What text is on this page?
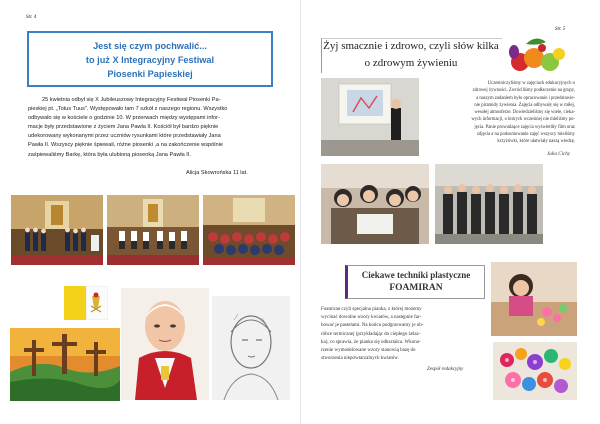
Str. 4
Jest się czym pochwalić...
to już X Integracyjny Festiwal
Piosenki Papieskiej
25 kwietnia odbył się X Jubileuszowy Integracyjny Festiwal Piosenki Pa-
pieskiej pt. „Totus Tuus". Występowało tam 7 szkół z naszego regionu. Wszystko
odbywało się w kościele o godzinie 10. W przerwach między występami infor-
macje były przedstawione z życiem Jana Pawła II. Kościół był bardzo pięknie
udekorowany wykonanymi przez uczniów rysunkami które przedstawiały Jana
Pawła II. Wszyscy pięknie śpiewali, różne piosenki ,a na zakończenie wspólnie
zaśpiewaliśmy Barkę, która była ulubioną piosenką Jana Pawła II.
Alicja Skowrońska 11 lat.
Żyj smacznie i zdrowo, czyli słów kilka
o zdrowym żywieniu
Str. 5
Uczestniczyliśmy w zajęciach edukacyjnych o
zdrowej żywności. Zwróciliśmy podłaczenie na grupy,
a naszym zadaniem było opracowanie i przedstawie-
nie piramidy żywienia. Zajęcia odbywały się w miłej,
wesołej atmosferze. Dowiedzieliśmy się wiele, cieka-
wych informacji, o których wcześniej nie mieliśmy po-
jęcia. Panie prowadzące zajęcia wyświetliły film oraz
zdjęcia a na podsumowanie zajęć wszyscy mieliśmy
krzyżówki, które ułatwiały naszą wiedzę.
Julia Cichy
Ciekawe techniki plastyczne
FOAMIRAN
Foamiran czyli specjalna pianka, z której możemy
wycinać dowolne wzory kwiatów, a następnie far-
bować je pastelami. Na końcu podgrzewamy je ob-
róbce termicznej (przykładając do ciepłego żelaz-
ka), co sprawia, że pianka się odkształca. Wkono-
rzenie wymodelowane wzory stanowią bazę do
stworzenia niepowtarzalnych kwiatów.
Zespół redakcyjny
